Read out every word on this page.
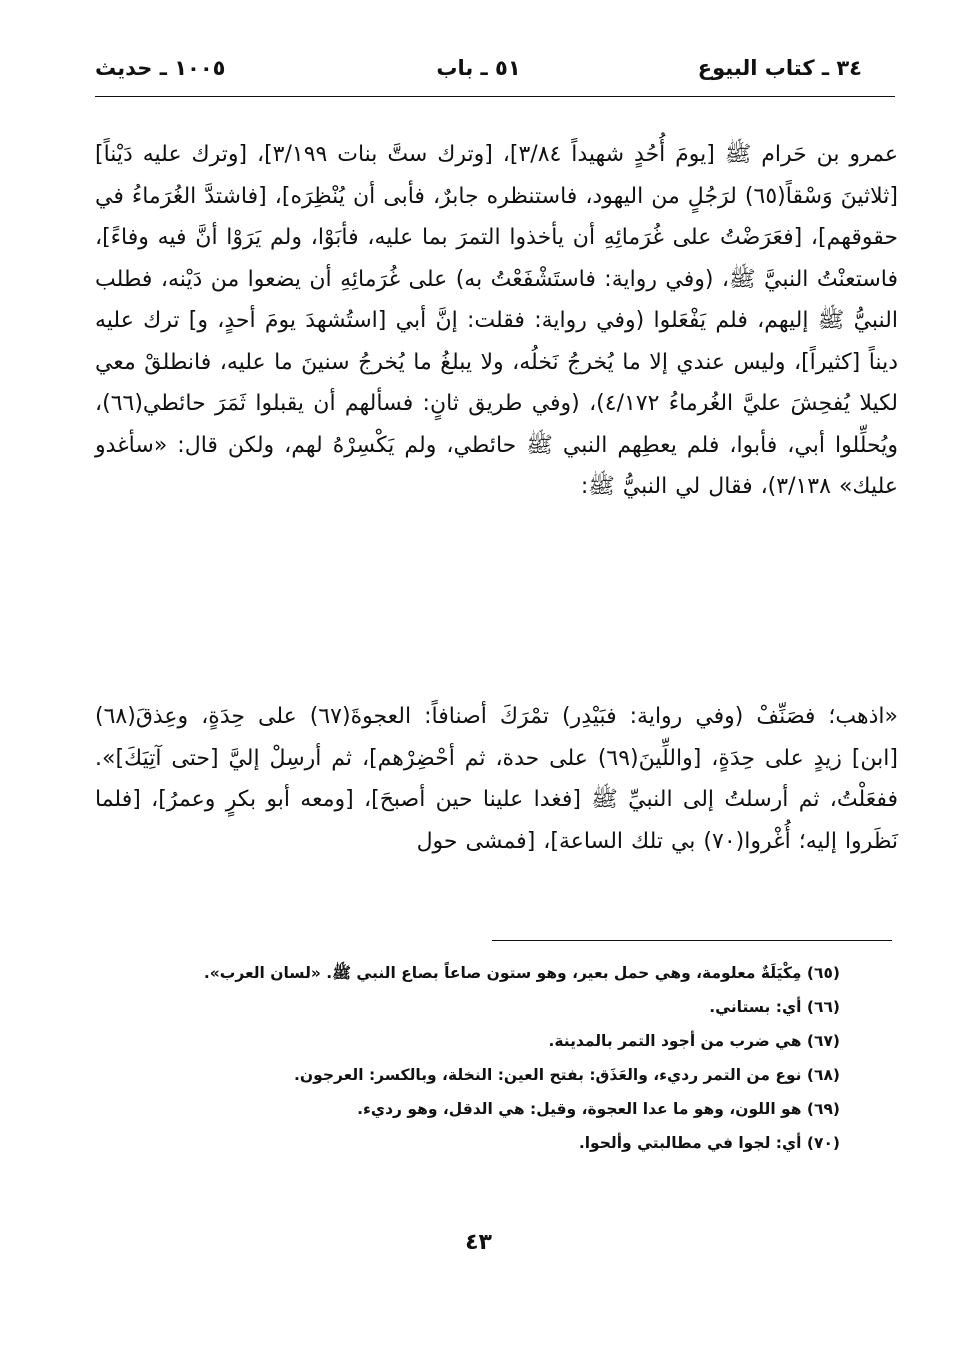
٣٤ ـ كتاب البيوع
٥١ ـ باب
١٠٠٥ ـ حديث

عمرو بن حَرام ﷺ [يومَ أُحُدٍ شهيداً ٣/٨٤]، [وترك ستَّ بنات ٣/١٩٩]، [وترك عليه دَيْناً] [ثلاثينَ وَسْقاً(٦٥) لرَجُلٍ من اليهود، فاستنظره جابرٌ، فأبى أن يُنْظِرَه]، [فاشتدَّ الغُرَماءُ في حقوقهم]، [فعَرَضْتُ على غُرَمائِهِ أن يأخذوا التمرَ بما عليه، فأبَوْا، ولم يَرَوْا أنَّ فيه وفاءً]، فاستعنْتُ النبيَّ ﷺ، (وفي رواية: فاستَشْفَعْتُ به) على غُرَمائِهِ أن يضعوا من دَيْنه، فطلب النبيُّ ﷺ إليهم، فلم يَفْعَلوا (وفي رواية: فقلت: إنَّ أبي [استُشهدَ يومَ أحدٍ، و] ترك عليه ديناً [كثيراً]، وليس عندي إلا ما يُخرجُ نَخلُه، ولا يبلغُ ما يُخرجُ سنينَ ما عليه، فانطلقْ معي لكيلا يُفحِشَ عليَّ الغُرماءُ ٤/١٧٢)، (وفي طريق ثانٍ: فسألهم أن يقبلوا ثَمَرَ حائطي(٦٦)، ويُحلِّلوا أبي، فأبوا، فلم يعطِهم النبي ﷺ حائطي، ولم يَكْسِرْهُ لهم، ولكن قال: «سأغدو عليك» ٣/١٣٨)، فقال لي النبيُّ ﷺ:

«اذهب؛ فصَنِّفْ (وفي رواية: فبَيْدِر) تمْرَكَ أصنافاً: العجوةَ(٦٧) على حِدَةٍ، وعِذقَ(٦٨) [ابن] زيدٍ على حِدَةٍ، [واللِّينَ(٦٩) على حدة، ثم أحْضِرْهم]، ثم أرسِلْ إليَّ [حتى آتِيَكَ]». ففعَلْتُ، ثم أرسلتُ إلى النبيِّ ﷺ [فغدا علينا حين أصبحَ]، [ومعه أبو بكرٍ وعمرُ]، [فلما نَظَروا إليه؛ أُغْروا(٧٠) بي تلك الساعة]، [فمشى حول

(٦٥) مِكْيَلَةٌ معلومة، وهي حمل بعير، وهو ستون صاعاً بصاع النبي ﷺ. «لسان العرب».
(٦٦) أي: بستاني.
(٦٧) هي ضرب من أجود التمر بالمدينة.
(٦٨) نوع من التمر رديء، والعَذَق: بفتح العين: النخلة، وبالكسر: العرجون.
(٦٩) هو اللون، وهو ما عدا العجوة، وقيل: هي الدقل، وهو رديء.
(٧٠) أي: لجوا في مطالبتي وألحوا.
٤٣
